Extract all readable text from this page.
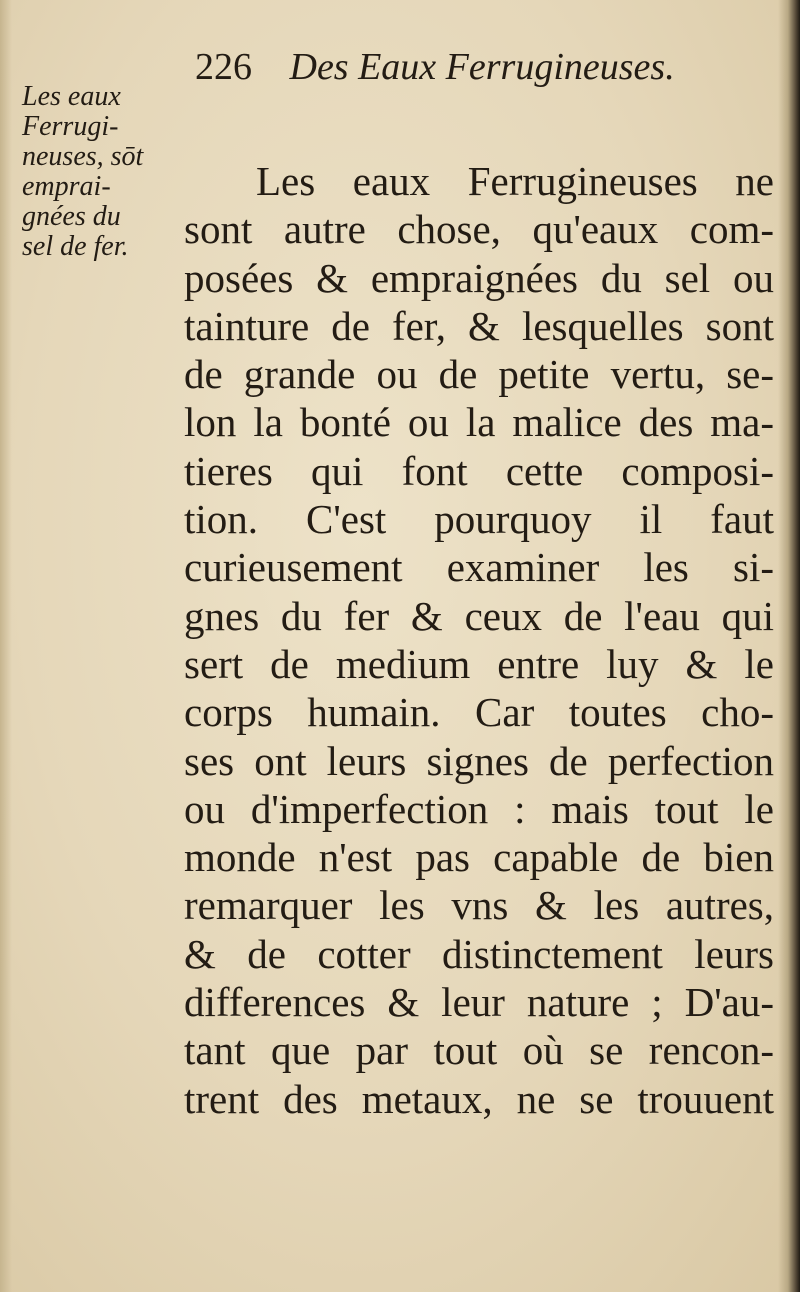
226 Des Eaux Ferrugineuses.
Les eaux
Ferrugi-
neuses, sōt
emprai-
gnées du
sel de fer.
Les eaux Ferrugineuses ne
sont autre chose, qu'eaux com-
posées & empraignées du sel ou
tainture de fer, & lesquelles sont
de grande ou de petite vertu, se-
lon la bonté ou la malice des ma-
tieres qui font cette composi-
tion. C'est pourquoy il faut
curieusement examiner les si-
gnes du fer & ceux de l'eau qui
sert de medium entre luy & le
corps humain. Car toutes cho-
ses ont leurs signes de perfection
ou d'imperfection : mais tout le
monde n'est pas capable de bien
remarquer les vns & les autres,
& de cotter distinctement leurs
differences & leur nature ; D'au-
tant que par tout où se rencon-
trent des metaux, ne se trouuent
